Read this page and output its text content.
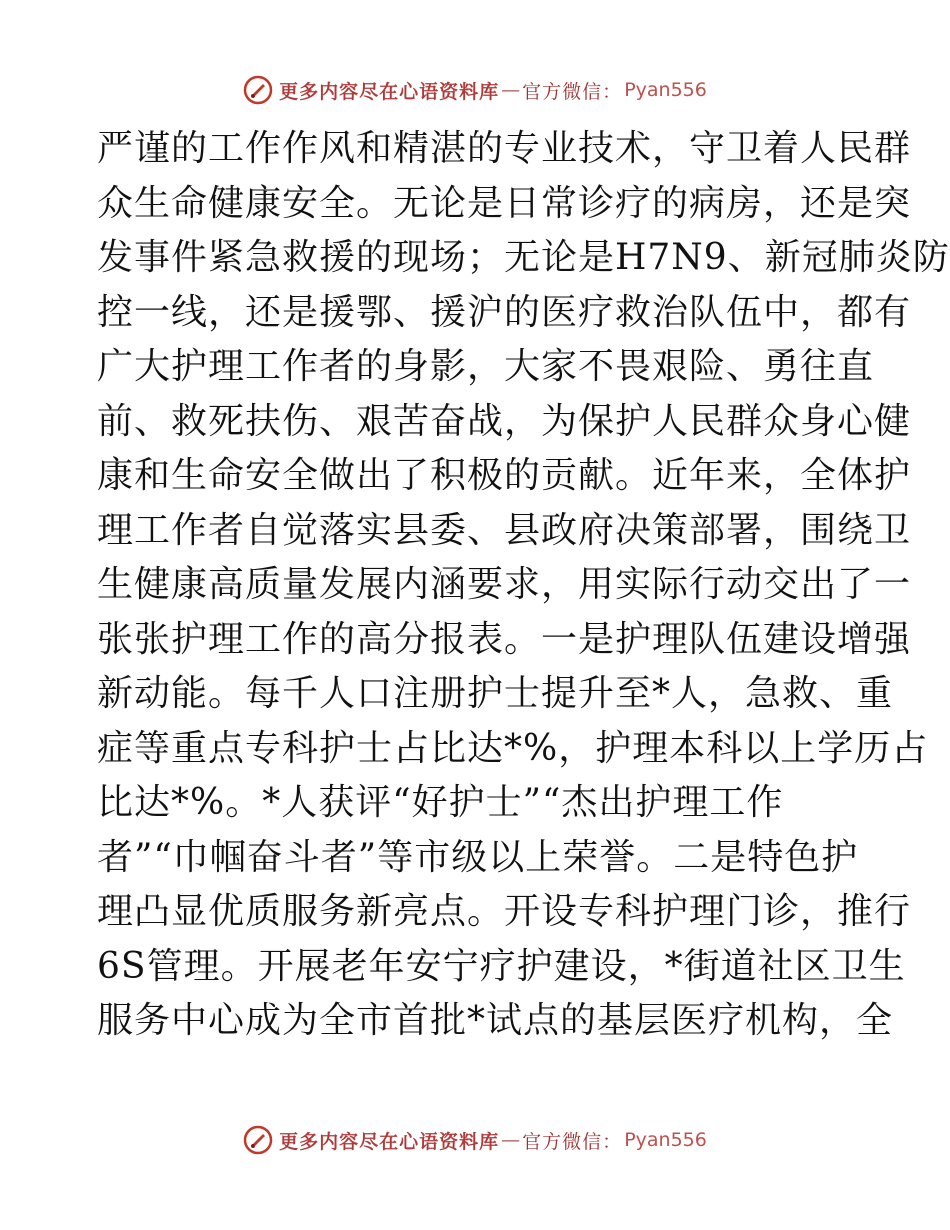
更多内容尽在心语资料库 — 官方微信： Pyan556
严谨的工作作风和精湛的专业技术，守卫着人民群
众生命健康安全。无论是日常诊疗的病房，还是突
发事件紧急救援的现场；无论是H7N9、新冠肺炎防
控一线，还是援鄂、援沪的医疗救治队伍中，都有
广大护理工作者的身影，大家不畏艰险、勇往直
前、救死扶伤、艰苦奋战，为保护人民群众身心健
康和生命安全做出了积极的贡献。近年来，全体护
理工作者自觉落实县委、县政府决策部署，围绕卫
生健康高质量发展内涵要求，用实际行动交出了一
张张护理工作的高分报表。一是护理队伍建设增强
新动能。每千人口注册护士提升至*人，急救、重
症等重点专科护士占比达*%，护理本科以上学历占
比达*%。*人获评“好护士”“杰出护理工作
者”“巾帼奋斗者”等市级以上荣誉。二是特色护
理凸显优质服务新亮点。开设专科护理门诊，推行
6S管理。开展老年安宁疗护建设，*街道社区卫生
服务中心成为全市首批*试点的基层医疗机构，全
更多内容尽在心语资料库 — 官方微信： Pyan556
